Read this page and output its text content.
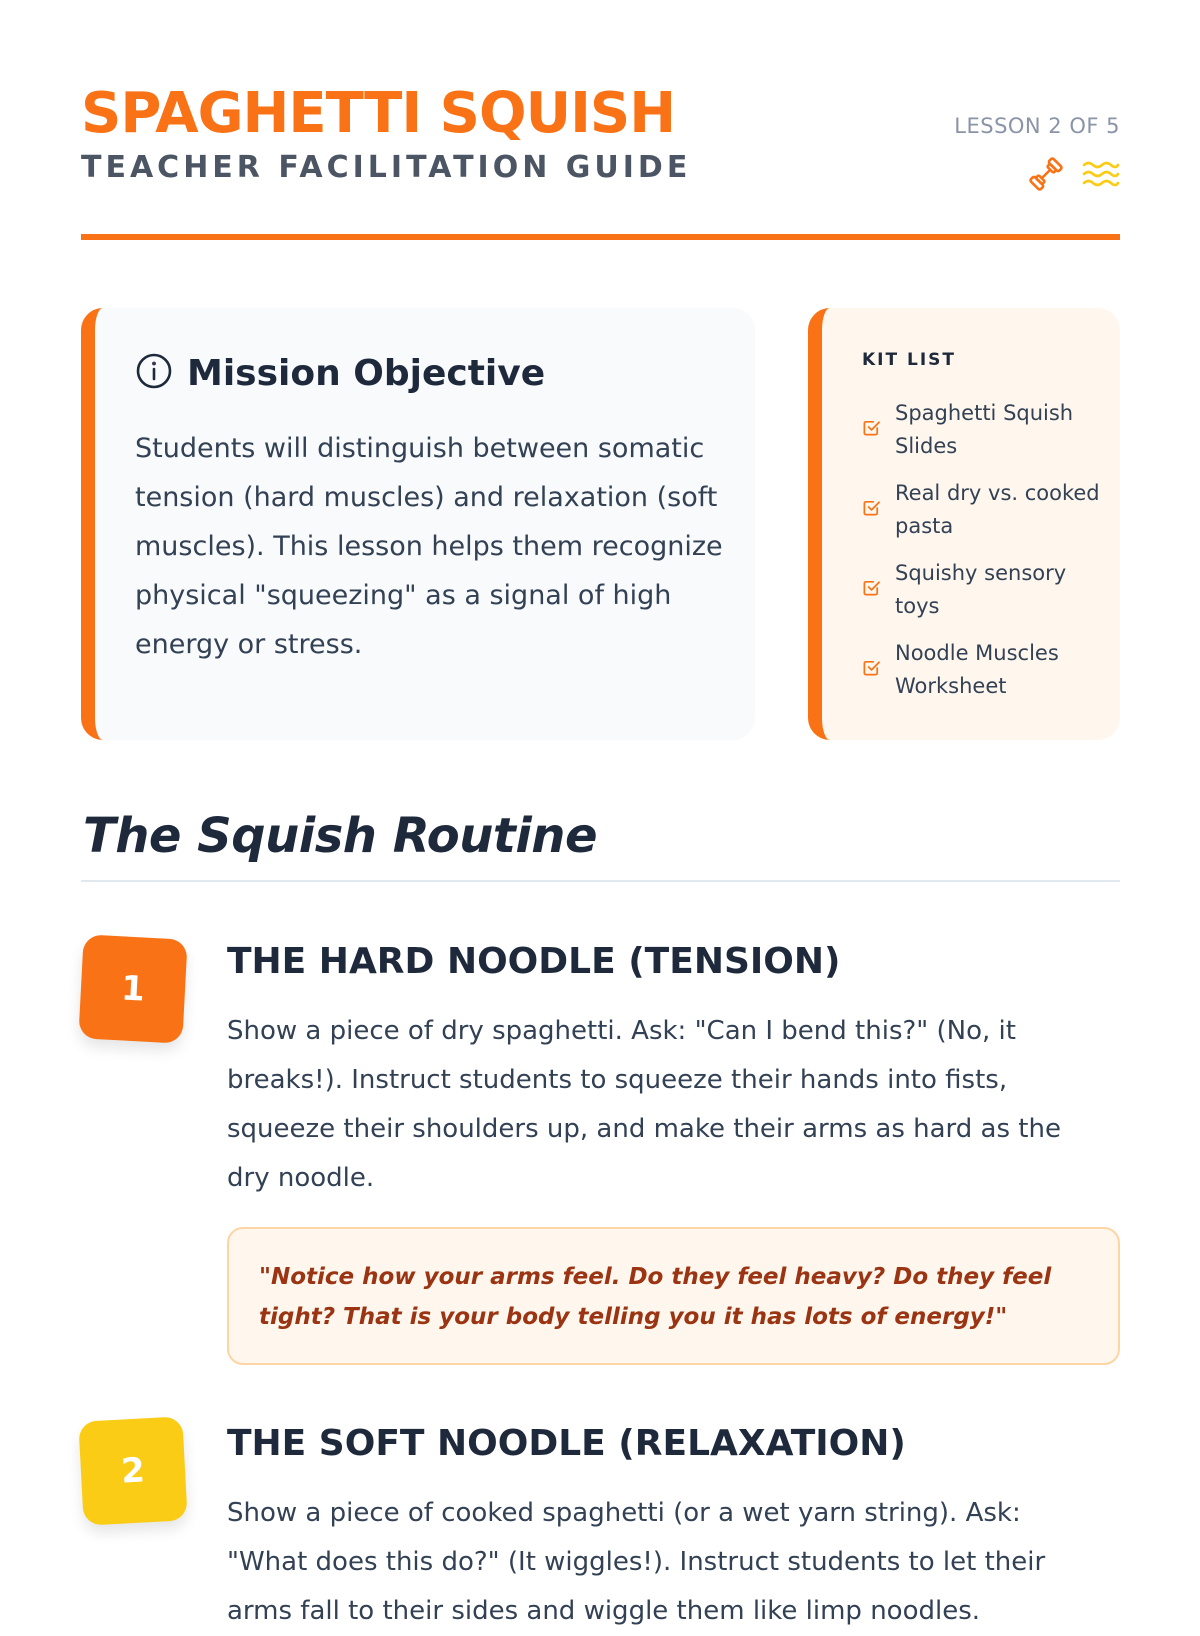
SPAGHETTI SQUISH
TEACHER FACILITATION GUIDE
LESSON 2 OF 5
Mission Objective

Students will distinguish between somatic tension (hard muscles) and relaxation (soft muscles). This lesson helps them recognize physical "squeezing" as a signal of high energy or stress.

KIT LIST
Spaghetti Squish Slides
Real dry vs. cooked pasta
Squishy sensory toys
Noodle Muscles Worksheet
The Squish Routine
1
THE HARD NOODLE (TENSION)

Show a piece of dry spaghetti. Ask: "Can I bend this?" (No, it breaks!). Instruct students to squeeze their hands into fists, squeeze their shoulders up, and make their arms as hard as the dry noodle.

"Notice how your arms feel. Do they feel heavy? Do they feel tight? That is your body telling you it has lots of energy!"

2
THE SOFT NOODLE (RELAXATION)

Show a piece of cooked spaghetti (or a wet yarn string). Ask: "What does this do?" (It wiggles!). Instruct students to let their arms fall to their sides and wiggle them like limp noodles.
